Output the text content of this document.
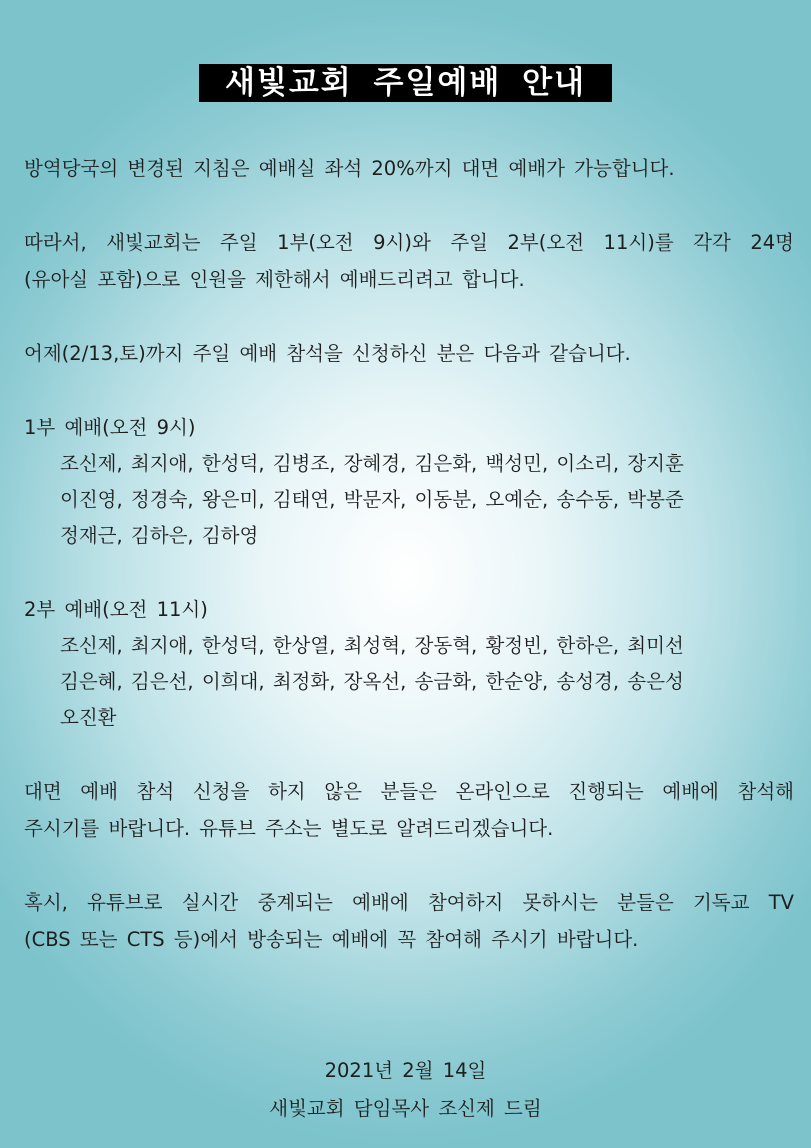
새빛교회 주일예배 안내

방역당국의 변경된 지침은 예배실 좌석 20%까지 대면 예배가 가능합니다.

따라서, 새빛교회는 주일 1부(오전 9시)와 주일 2부(오전 11시)를 각각 24명

(유아실 포함)으로 인원을 제한해서 예배드리려고 합니다.

어제(2/13,토)까지 주일 예배 참석을 신청하신 분은 다음과 같습니다.

1부 예배(오전 9시)

조신제, 최지애, 한성덕, 김병조, 장혜경, 김은화, 백성민, 이소리, 장지훈
이진영, 정경숙, 왕은미, 김태연, 박문자, 이동분, 오예순, 송수동, 박봉준
정재근, 김하은, 김하영

2부 예배(오전 11시)

조신제, 최지애, 한성덕, 한상열, 최성혁, 장동혁, 황정빈, 한하은, 최미선
김은혜, 김은선, 이희대, 최정화, 장옥선, 송금화, 한순양, 송성경, 송은성
오진환

대면 예배 참석 신청을 하지 않은 분들은 온라인으로 진행되는 예배에 참석해

주시기를 바랍니다. 유튜브 주소는 별도로 알려드리겠습니다.

혹시, 유튜브로 실시간 중계되는 예배에 참여하지 못하시는 분들은 기독교 TV

(CBS 또는 CTS 등)에서 방송되는 예배에 꼭 참여해 주시기 바랍니다.

2021년 2월 14일
새빛교회 담임목사 조신제 드림
